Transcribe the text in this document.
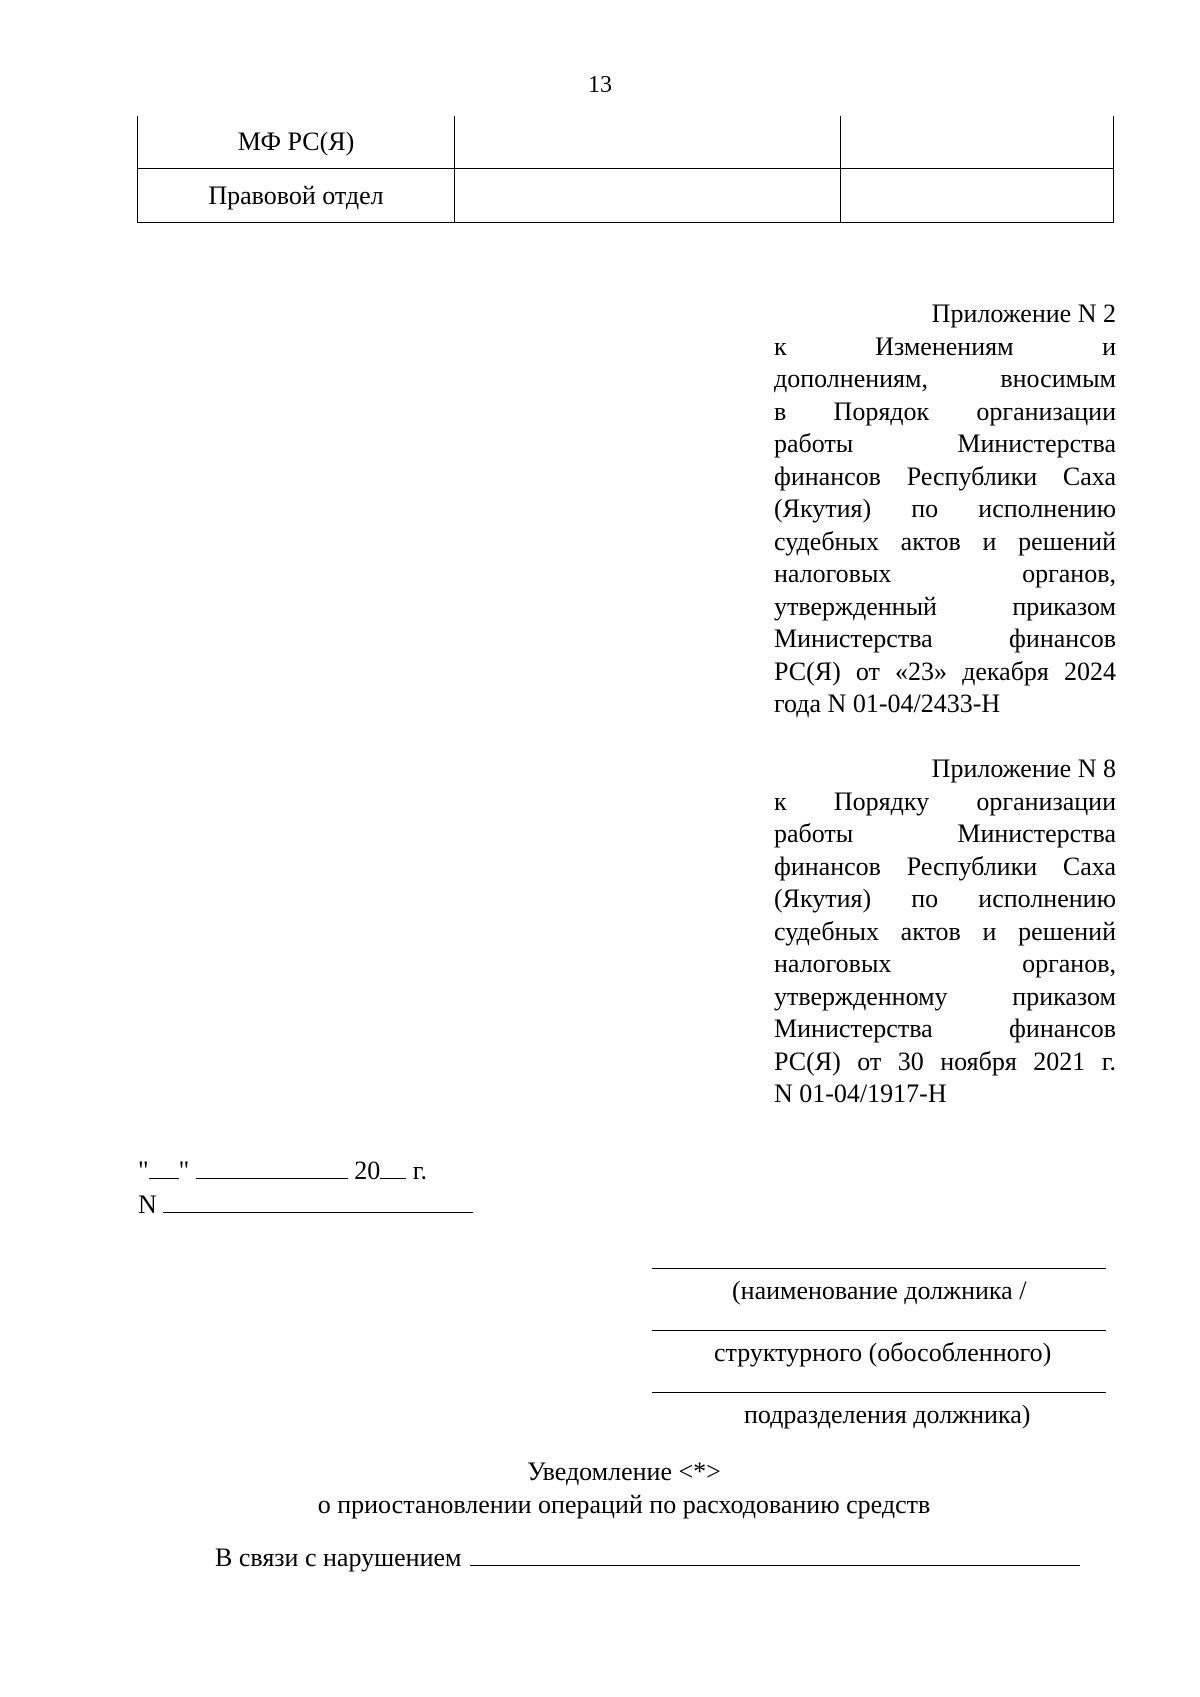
13
МФ РС(Я)		
Правовой отдел		
Приложение N 2
к Изменениям и
дополнениям, вносимым
в Порядок организации
работы Министерства
финансов Республики Саха
(Якутия) по исполнению
судебных актов и решений
налоговых органов,
утвержденный приказом
Министерства финансов
РС(Я) от «23» декабря 2024
года N 01-04/2433-Н
Приложение N 8
к Порядку организации
работы Министерства
финансов Республики Саха
(Якутия) по исполнению
судебных актов и решений
налоговых органов,
утвержденному приказом
Министерства финансов
РС(Я) от 30 ноября 2021 г.
N 01-04/1917-Н
" "	20 г.
N
(наименование должника /
структурного (обособленного)
подразделения должника)
Уведомление <*>
о приостановлении операций по расходованию средств
В связи с нарушением
